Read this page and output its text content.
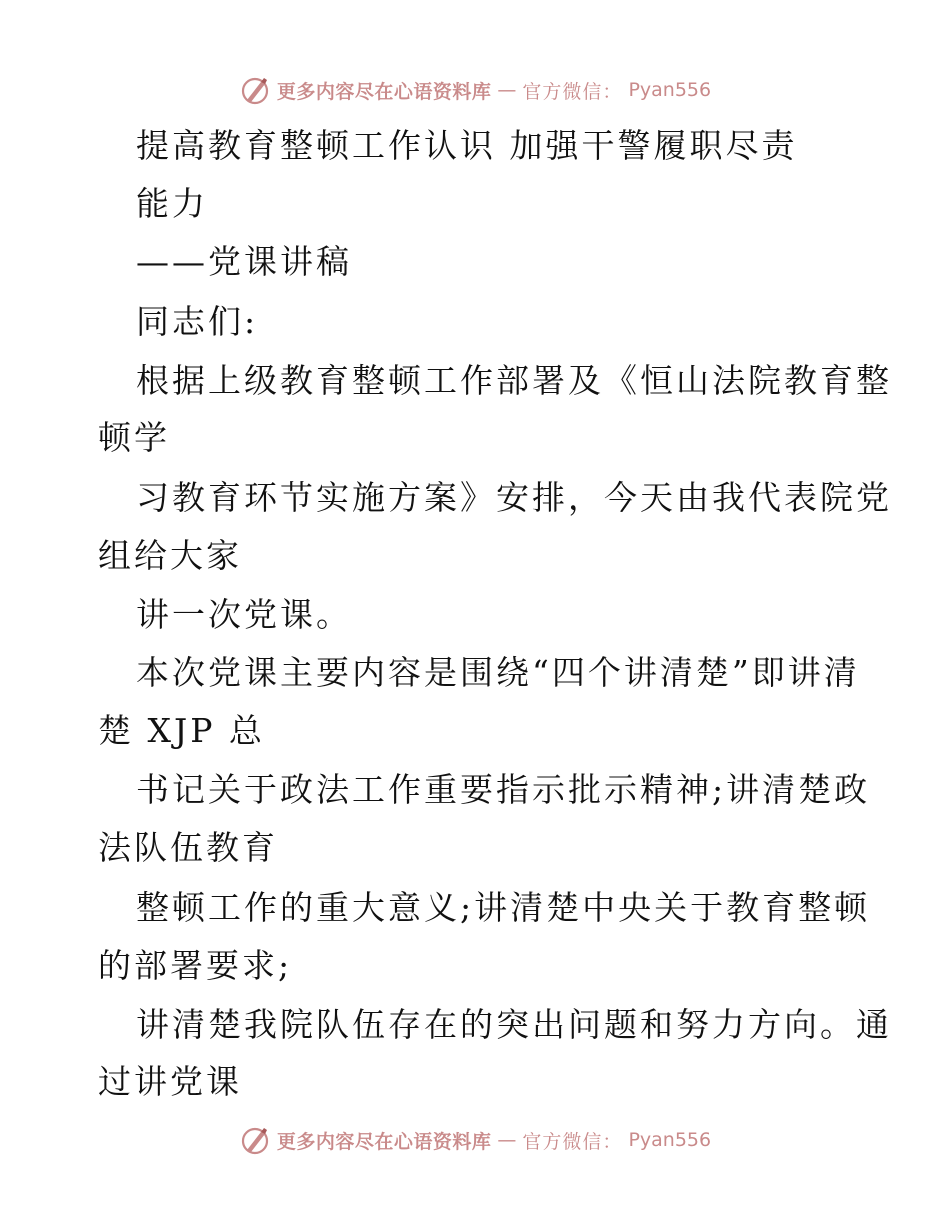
更多内容尽在心语资料库 — 官方微信： Pyan556
提高教育整顿工作认识 加强干警履职尽责
能力
——党课讲稿
同志们:
根据上级教育整顿工作部署及《恒山法院教育整
顿学
习教育环节实施方案》安排，今天由我代表院党
组给大家
讲一次党课。
本次党课主要内容是围绕“四个讲清楚”即讲清
楚 XJP 总
书记关于政法工作重要指示批示精神;讲清楚政
法队伍教育
整顿工作的重大意义;讲清楚中央关于教育整顿
的部署要求;
讲清楚我院队伍存在的突出问题和努力方向。通
过讲党课
更多内容尽在心语资料库 — 官方微信： Pyan556
